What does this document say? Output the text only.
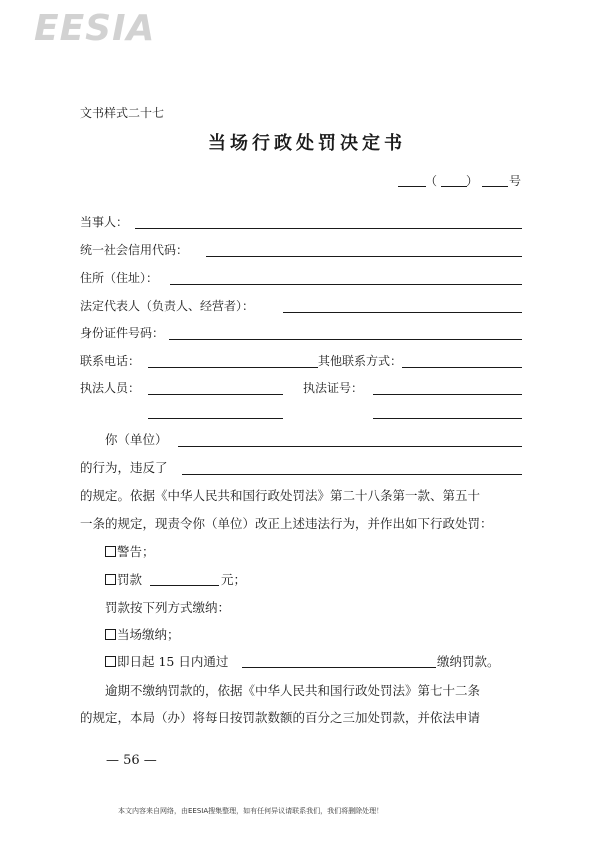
EESIA
文书样式二十七
当场行政处罚决定书
（ ）	号
当事人：
统一社会信用代码：
住所（住址）：
法定代表人（负责人、经营者）：
身份证件号码：
联系电话：	其他联系方式：
执法人员：	执法证号：
你（单位）
的行为，违反了
的规定。依据《中华人民共和国行政处罚法》第二十八条第一款、第五十
一条的规定，现责令你（单位）改正上述违法行为，并作出如下行政处罚：
警告；
罚款	元；
罚款按下列方式缴纳：
当场缴纳；
即日起 15 日内通过	缴纳罚款。
逾期不缴纳罚款的，依据《中华人民共和国行政处罚法》第七十二条
的规定，本局（办）将每日按罚款数额的百分之三加处罚款，并依法申请
— 56 —
本文内容来自网络，由EESIA搜集整理，如有任何异议请联系我们，我们将删除处理！
